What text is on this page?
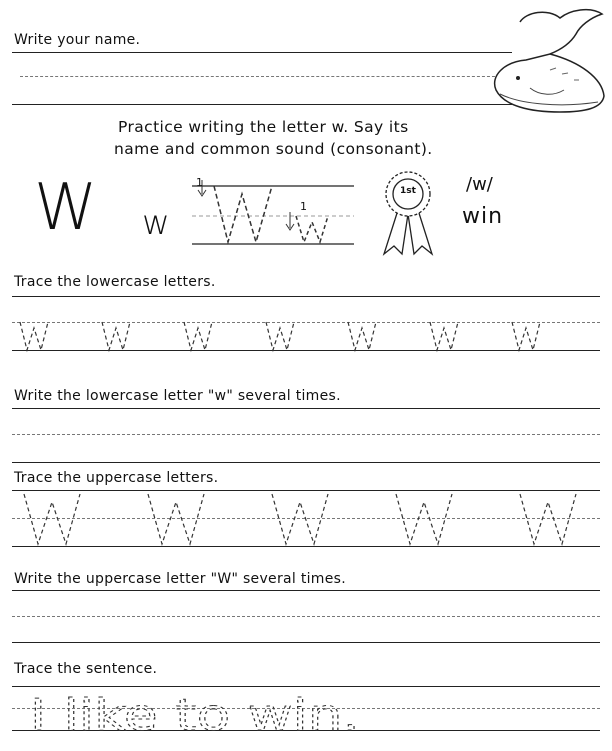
Write your name.
Practice writing the letter w. Say its
name and common sound (consonant).
W w
1
1
1st	/w/
win
Trace the lowercase letters.
Write the lowercase letter "w" several times.
Trace the uppercase letters.
Write the uppercase letter "W" several times.
Trace the sentence.
I like to win.
